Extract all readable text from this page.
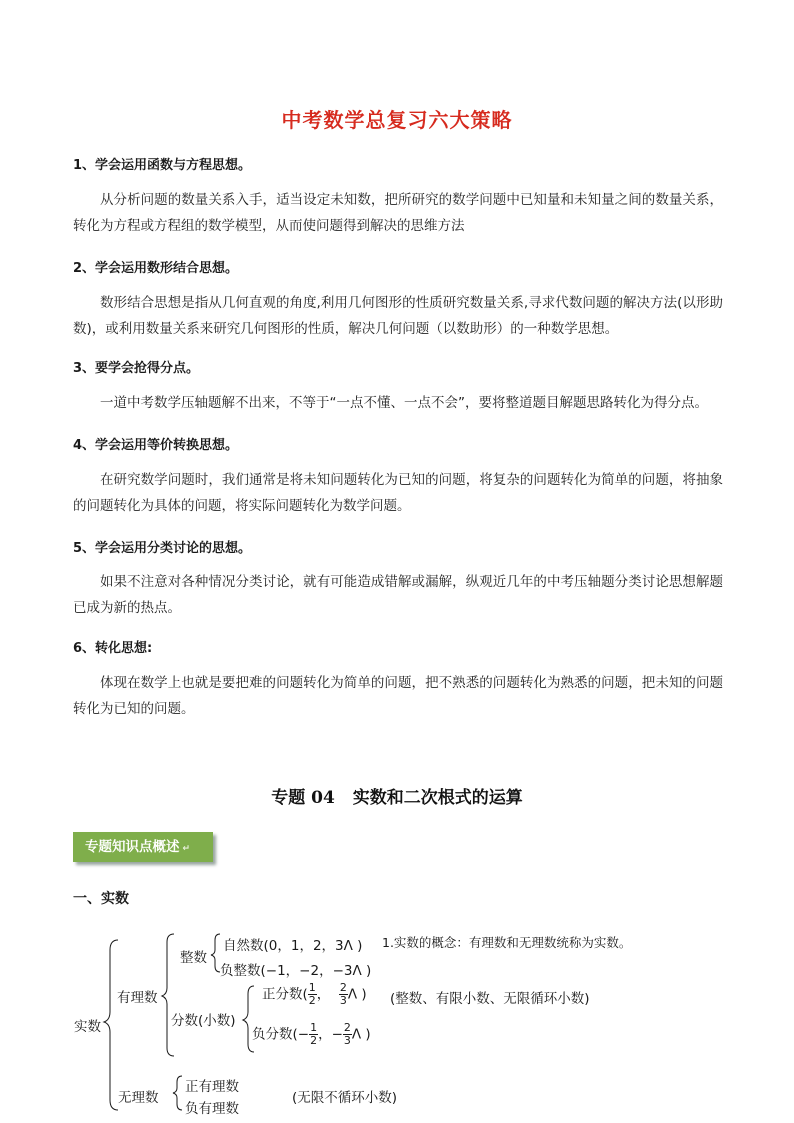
中考数学总复习六大策略
1、学会运用函数与方程思想。
从分析问题的数量关系入手，适当设定未知数，把所研究的数学问题中已知量和未知量之间的数量关系，转化为方程或方程组的数学模型，从而使问题得到解决的思维方法
2、学会运用数形结合思想。
数形结合思想是指从几何直观的角度,利用几何图形的性质研究数量关系,寻求代数问题的解决方法(以形助数)，或利用数量关系来研究几何图形的性质，解决几何问题（以数助形）的一种数学思想。
3、要学会抢得分点。
一道中考数学压轴题解不出来，不等于“一点不懂、一点不会”，要将整道题目解题思路转化为得分点。
4、学会运用等价转换思想。
在研究数学问题时，我们通常是将未知问题转化为已知的问题，将复杂的问题转化为简单的问题，将抽象的问题转化为具体的问题，将实际问题转化为数学问题。
5、学会运用分类讨论的思想。
如果不注意对各种情况分类讨论，就有可能造成错解或漏解，纵观近几年的中考压轴题分类讨论思想解题已成为新的热点。
6、转化思想:
体现在数学上也就是要把难的问题转化为简单的问题，把不熟悉的问题转化为熟悉的问题，把未知的问题转化为已知的问题。
专题 04 实数和二次根式的运算
专题知识点概述 ↵
一、实数
实数
有理数
整数
自然数(0，1，2，3Λ )
负整数(−1，−2，−3Λ )
1.实数的概念：有理数和无理数统称为实数。
分数(小数)
正分数( $\frac{1}{2}$ ， $\frac{2}{3}$ Λ ) (整数、有限小数、无限循环小数)
负分数(− $\frac{1}{2}$ ，− $\frac{2}{3}$ Λ )
无理数
正有理数
负有理数
(无限不循环小数)
